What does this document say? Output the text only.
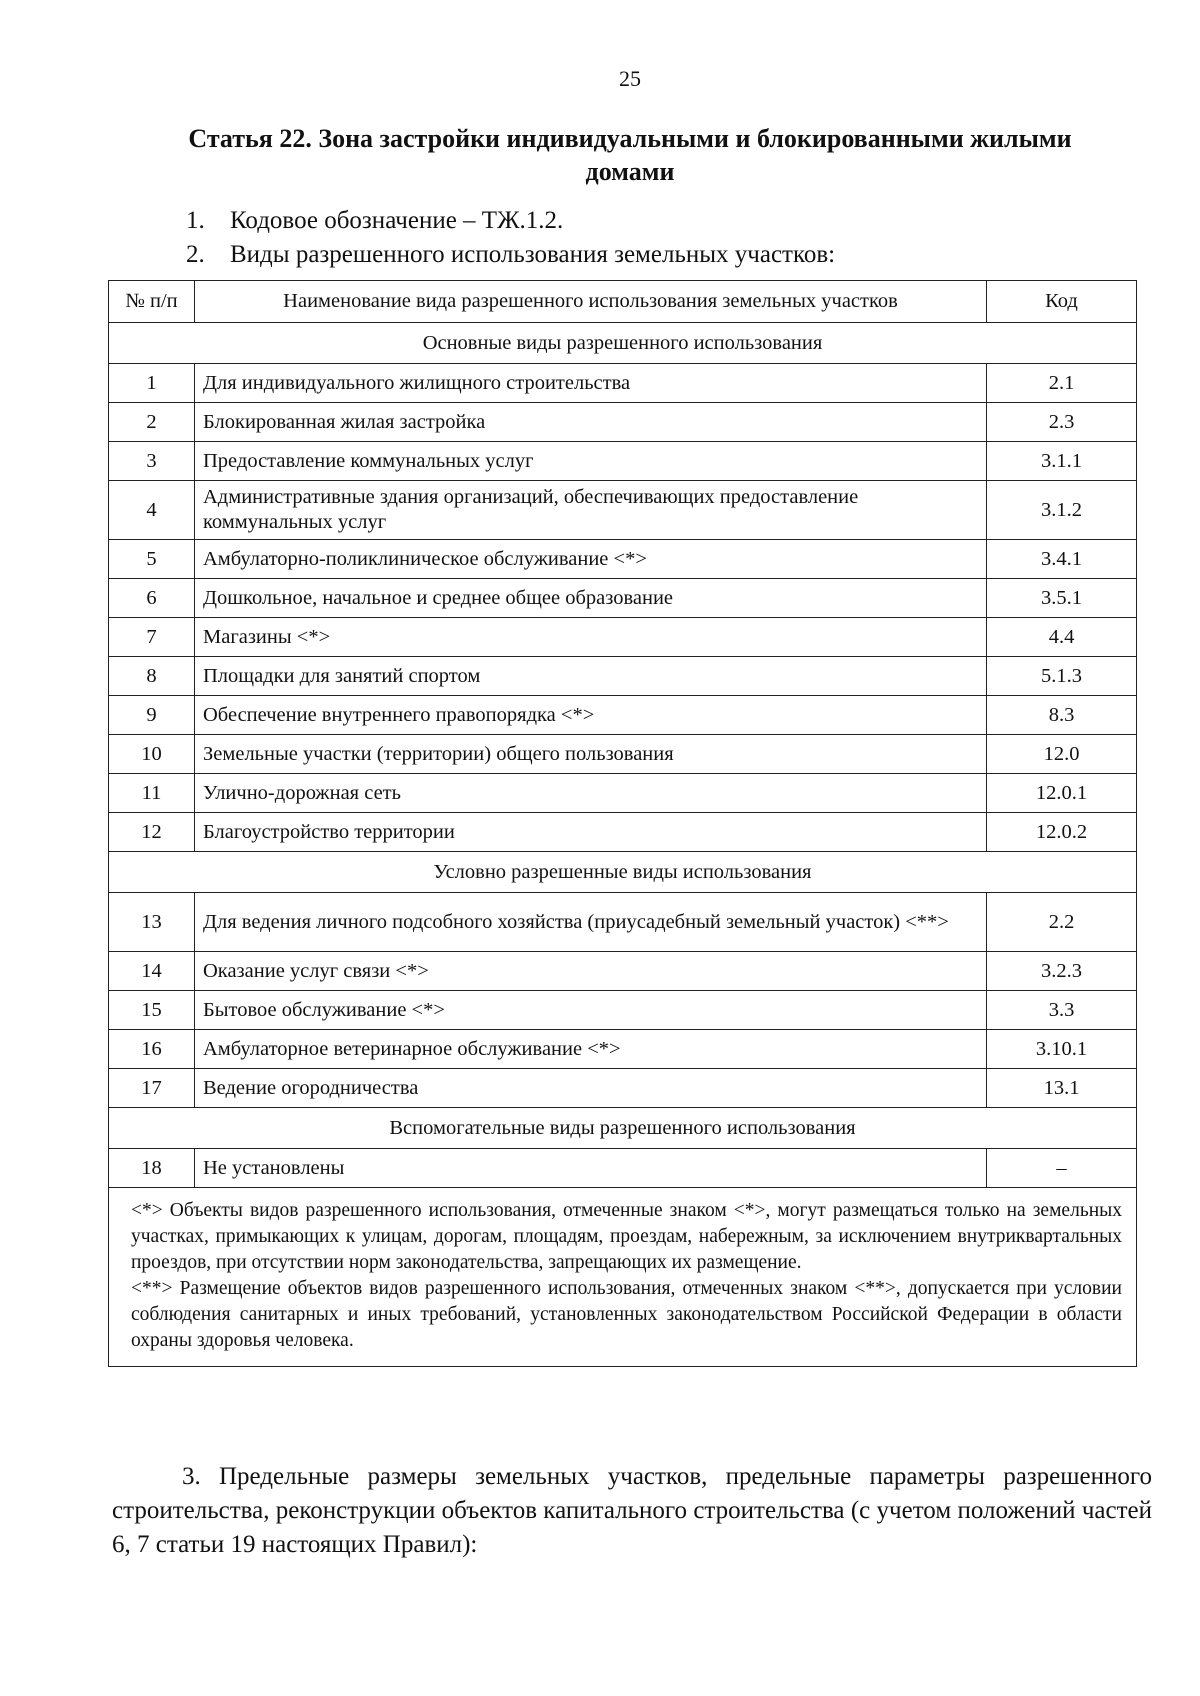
25
Статья 22. Зона застройки индивидуальными и блокированными жилыми домами
1. Кодовое обозначение – ТЖ.1.2.
2. Виды разрешенного использования земельных участков:
№ п/п	Наименование вида разрешенного использования земельных участков	Код
Основные виды разрешенного использования		
1	Для индивидуального жилищного строительства	2.1
2	Блокированная жилая застройка	2.3
3	Предоставление коммунальных услуг	3.1.1
4	Административные здания организаций, обеспечивающих предоставление коммунальных услуг	3.1.2
5	Амбулаторно-поликлиническое обслуживание <*>	3.4.1
6	Дошкольное, начальное и среднее общее образование	3.5.1
7	Магазины <*>	4.4
8	Площадки для занятий спортом	5.1.3
9	Обеспечение внутреннего правопорядка <*>	8.3
10	Земельные участки (территории) общего пользования	12.0
11	Улично-дорожная сеть	12.0.1
12	Благоустройство территории	12.0.2
Условно разрешенные виды использования		
13	Для ведения личного подсобного хозяйства (приусадебный земельный участок) <**>	2.2
14	Оказание услуг связи <*>	3.2.3
15	Бытовое обслуживание <*>	3.3
16	Амбулаторное ветеринарное обслуживание <*>	3.10.1
17	Ведение огородничества	13.1
Вспомогательные виды разрешенного использования		
18	Не установлены	–

<*> Объекты видов разрешенного использования, отмеченные знаком <*>, могут размещаться только на земельных участках, примыкающих к улицам, дорогам, площадям, проездам, набережным, за исключением внутриквартальных проездов, при отсутствии норм законодательства, запрещающих их размещение.

<**> Размещение объектов видов разрешенного использования, отмеченных знаком <**>, допускается при условии соблюдения санитарных и иных требований, установленных законодательством Российской Федерации в области охраны здоровья человека.		

3. Предельные размеры земельных участков, предельные параметры разрешенного строительства, реконструкции объектов капитального строительства (с учетом положений частей 6, 7 статьи 19 настоящих Правил):
